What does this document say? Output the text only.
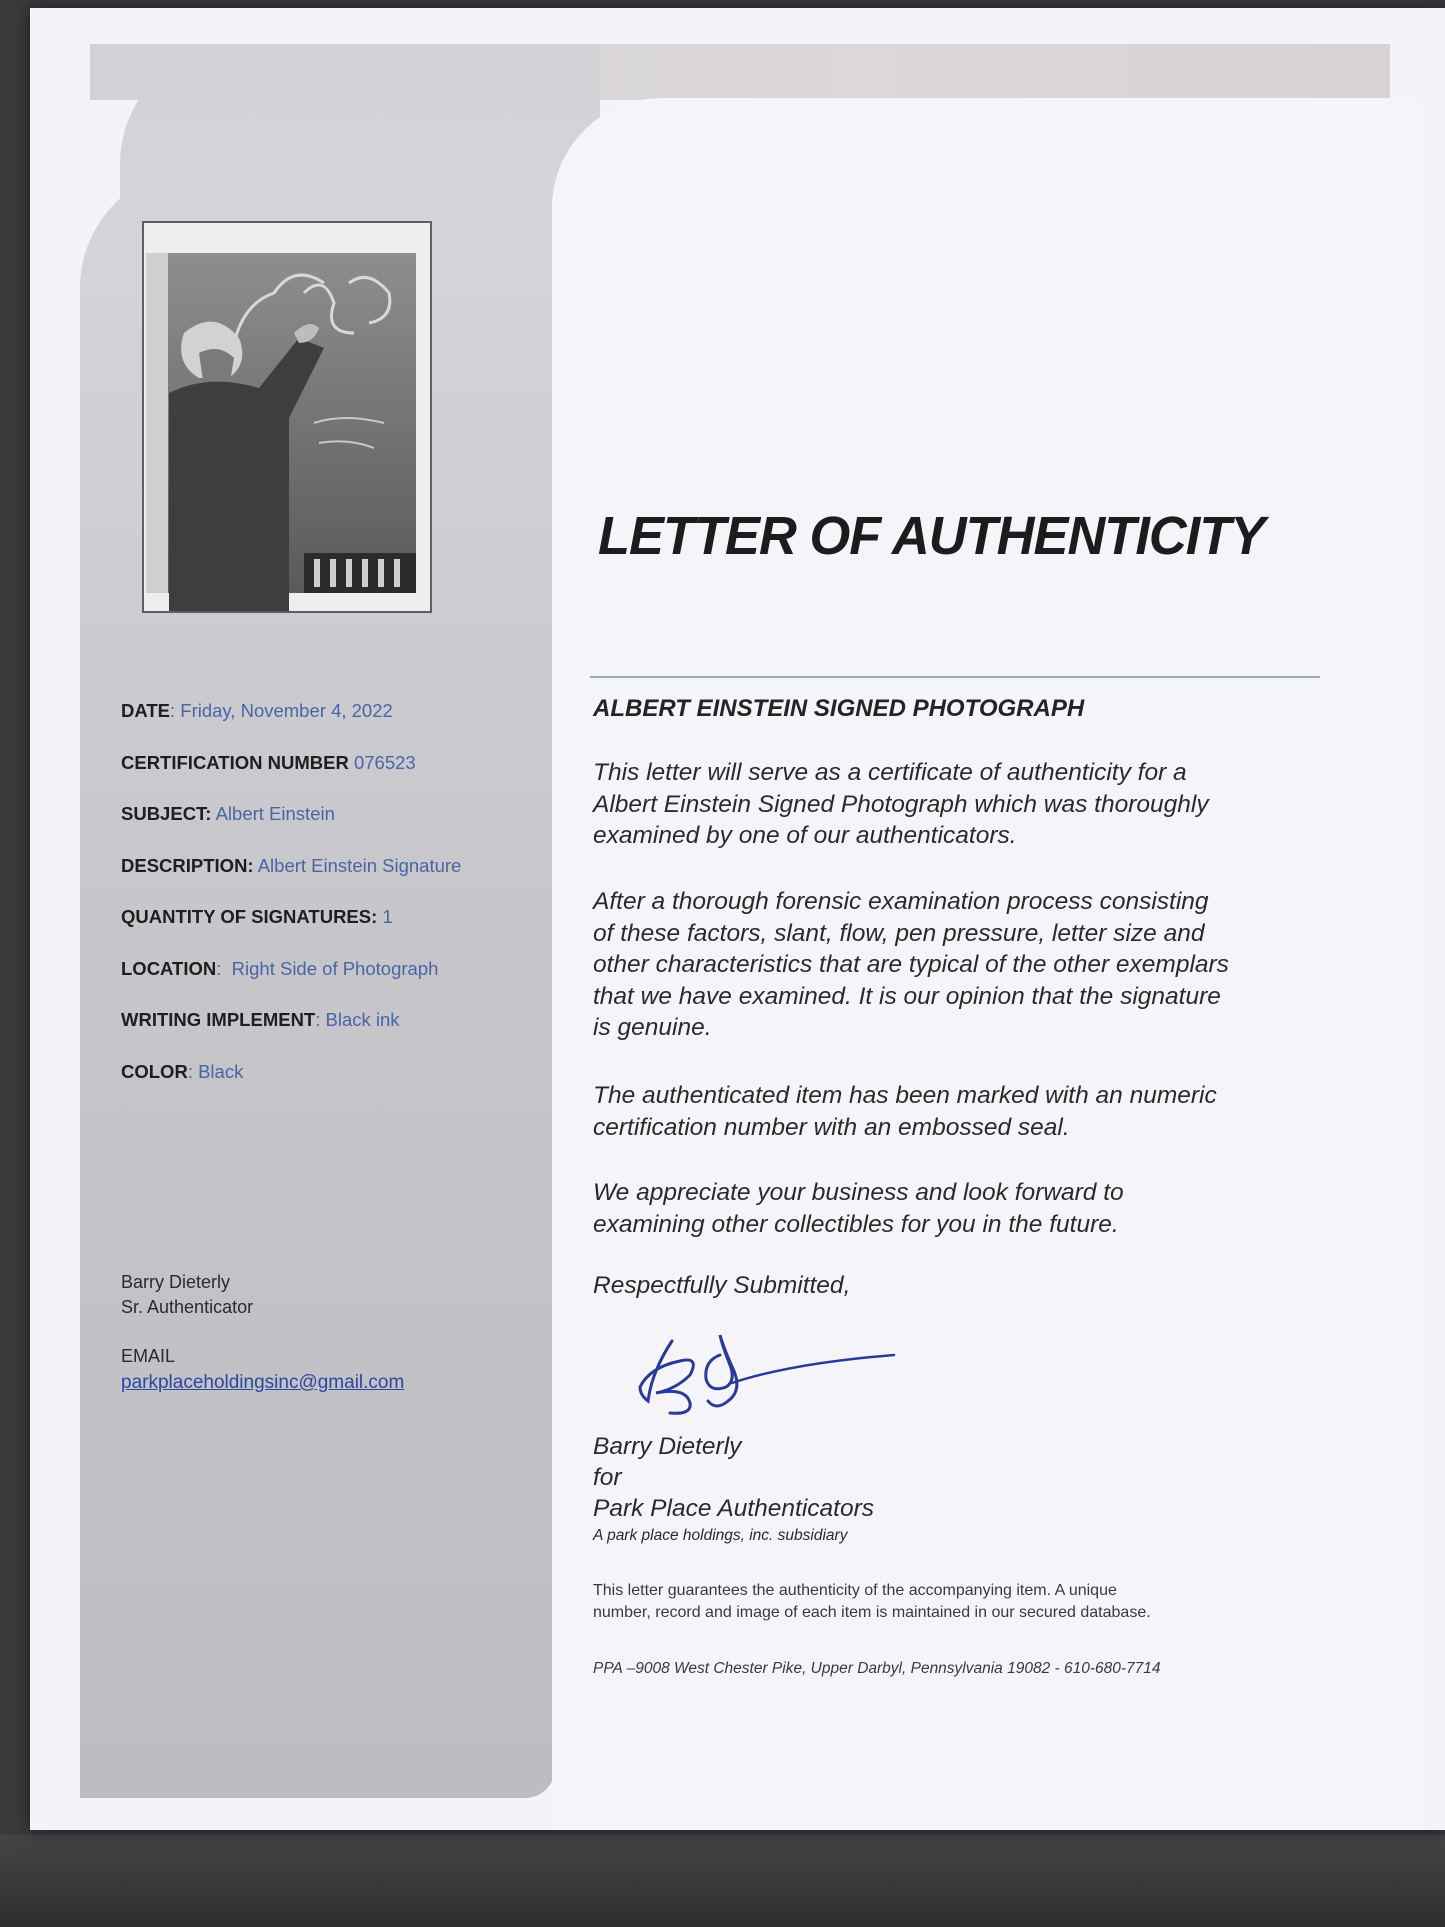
LETTER OF AUTHENTICITY
ALBERT EINSTEIN SIGNED PHOTOGRAPH
This letter will serve as a certificate of authenticity for a
Albert Einstein Signed Photograph which was thoroughly
examined by one of our authenticators.
After a thorough forensic examination process consisting
of these factors, slant, flow, pen pressure, letter size and
other characteristics that are typical of the other exemplars
that we have examined. It is our opinion that the signature
is genuine.
The authenticated item has been marked with an numeric
certification number with an embossed seal.
We appreciate your business and look forward to
examining other collectibles for you in the future.
Respectfully Submitted,
Barry Dieterly
for
Park Place Authenticators
A park place holdings, inc. subsidiary
This letter guarantees the authenticity of the accompanying item. A unique
number, record and image of each item is maintained in our secured database.
PPA –9008 West Chester Pike, Upper Darbyl, Pennsylvania 19082 - 610-680-7714
DATE: Friday, November 4, 2022
CERTIFICATION NUMBER 076523
SUBJECT: Albert Einstein
DESCRIPTION: Albert Einstein Signature
QUANTITY OF SIGNATURES: 1
LOCATION:  Right Side of Photograph
WRITING IMPLEMENT: Black ink
COLOR: Black
Barry Dieterly
Sr. Authenticator
EMAIL
parkplaceholdingsinc@gmail.com
